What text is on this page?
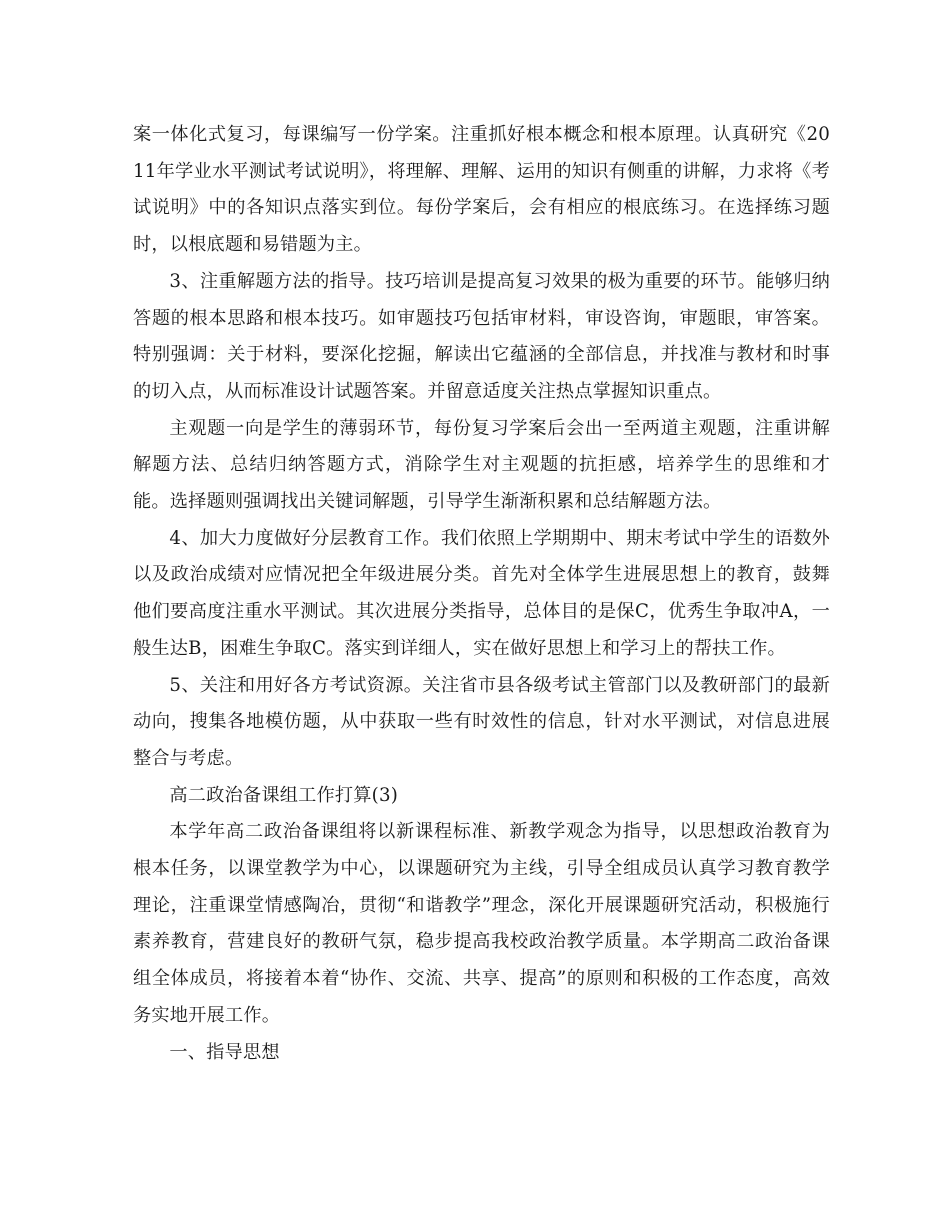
案一体化式复习，每课编写一份学案。注重抓好根本概念和根本原理。认真研究《2011年学业水平测试考试说明》，将理解、理解、运用的知识有侧重的讲解，力求将《考试说明》中的各知识点落实到位。每份学案后，会有相应的根底练习。在选择练习题时，以根底题和易错题为主。

3、注重解题方法的指导。技巧培训是提高复习效果的极为重要的环节。能够归纳答题的根本思路和根本技巧。如审题技巧包括审材料，审设咨询，审题眼，审答案。特别强调：关于材料，要深化挖掘，解读出它蕴涵的全部信息，并找准与教材和时事的切入点，从而标准设计试题答案。并留意适度关注热点掌握知识重点。

主观题一向是学生的薄弱环节，每份复习学案后会出一至两道主观题，注重讲解解题方法、总结归纳答题方式，消除学生对主观题的抗拒感，培养学生的思维和才能。选择题则强调找出关键词解题，引导学生渐渐积累和总结解题方法。

4、加大力度做好分层教育工作。我们依照上学期期中、期末考试中学生的语数外以及政治成绩对应情况把全年级进展分类。首先对全体学生进展思想上的教育，鼓舞他们要高度注重水平测试。其次进展分类指导，总体目的是保C，优秀生争取冲A，一般生达B，困难生争取C。落实到详细人，实在做好思想上和学习上的帮扶工作。

5、关注和用好各方考试资源。关注省市县各级考试主管部门以及教研部门的最新动向，搜集各地模仿题，从中获取一些有时效性的信息，针对水平测试，对信息进展整合与考虑。

高二政治备课组工作打算(3)

本学年高二政治备课组将以新课程标准、新教学观念为指导，以思想政治教育为根本任务，以课堂教学为中心，以课题研究为主线，引导全组成员认真学习教育教学理论，注重课堂情感陶冶，贯彻“和谐教学”理念，深化开展课题研究活动，积极施行素养教育，营建良好的教研气氛，稳步提高我校政治教学质量。本学期高二政治备课组全体成员，将接着本着“协作、交流、共享、提高”的原则和积极的工作态度，高效务实地开展工作。

一、指导思想
